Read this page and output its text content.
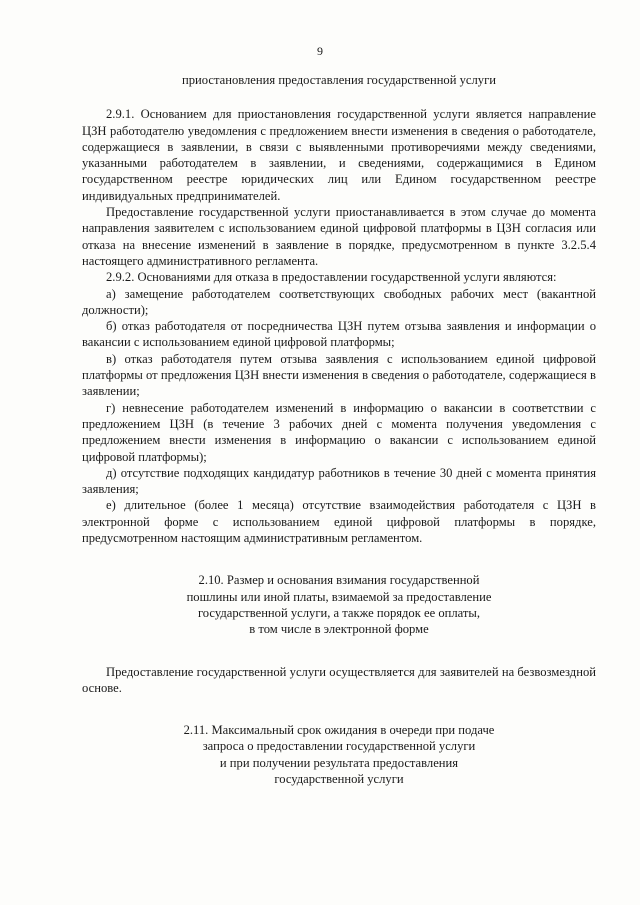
9

приостановления предоставления государственной услуги

2.9.1. Основанием для приостановления государственной услуги является направление ЦЗН работодателю уведомления с предложением внести изменения в сведения о работодателе, содержащиеся в заявлении, в связи с выявленными противоречиями между сведениями, указанными работодателем в заявлении, и сведениями, содержащимися в Едином государственном реестре юридических лиц или Едином государственном реестре индивидуальных предпринимателей.

Предоставление государственной услуги приостанавливается в этом случае до момента направления заявителем с использованием единой цифровой платформы в ЦЗН согласия или отказа на внесение изменений в заявление в порядке, предусмотренном в пункте 3.2.5.4 настоящего административного регламента.

2.9.2. Основаниями для отказа в предоставлении государственной услуги являются:

а) замещение работодателем соответствующих свободных рабочих мест (вакантной должности);

б) отказ работодателя от посредничества ЦЗН путем отзыва заявления и информации о вакансии с использованием единой цифровой платформы;

в) отказ работодателя путем отзыва заявления с использованием единой цифровой платформы от предложения ЦЗН внести изменения в сведения о работодателе, содержащиеся в заявлении;

г) невнесение работодателем изменений в информацию о вакансии в соответствии с предложением ЦЗН (в течение 3 рабочих дней с момента получения уведомления с предложением внести изменения в информацию о вакансии с использованием единой цифровой платформы);

д) отсутствие подходящих кандидатур работников в течение 30 дней с момента принятия заявления;

е) длительное (более 1 месяца) отсутствие взаимодействия работодателя с ЦЗН в электронной форме с использованием единой цифровой платформы в порядке, предусмотренном настоящим административным регламентом.

2.10. Размер и основания взимания государственной
пошлины или иной платы, взимаемой за предоставление
государственной услуги, а также порядок ее оплаты,
в том числе в электронной форме

Предоставление государственной услуги осуществляется для заявителей на безвозмездной основе.

2.11. Максимальный срок ожидания в очереди при подаче
запроса о предоставлении государственной услуги
и при получении результата предоставления
государственной услуги
